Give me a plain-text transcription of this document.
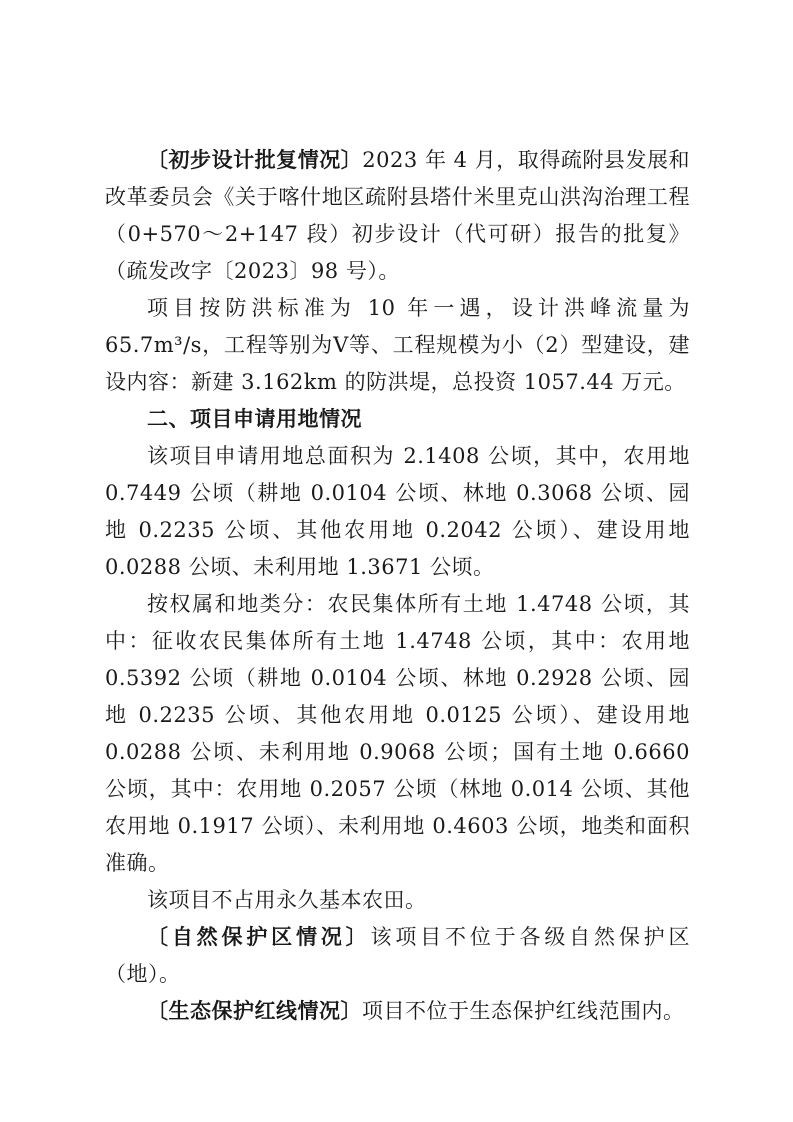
〔初步设计批复情况〕2023 年 4 月，取得疏附县发展和改革委员会《关于喀什地区疏附县塔什米里克山洪沟治理工程（0+570～2+147 段）初步设计（代可研）报告的批复》（疏发改字〔2023〕98 号）。

项目按防洪标准为 10 年一遇，设计洪峰流量为 65.7m³/s，工程等别为Ⅴ等、工程规模为小（2）型建设，建设内容：新建 3.162km 的防洪堤，总投资 1057.44 万元。

二、项目申请用地情况

该项目申请用地总面积为 2.1408 公顷，其中，农用地 0.7449 公顷（耕地 0.0104 公顷、林地 0.3068 公顷、园地 0.2235 公顷、其他农用地 0.2042 公顷）、建设用地 0.0288 公顷、未利用地 1.3671 公顷。

按权属和地类分：农民集体所有土地 1.4748 公顷，其中：征收农民集体所有土地 1.4748 公顷，其中：农用地 0.5392 公顷（耕地 0.0104 公顷、林地 0.2928 公顷、园地 0.2235 公顷、其他农用地 0.0125 公顷）、建设用地 0.0288 公顷、未利用地 0.9068 公顷；国有土地 0.6660 公顷，其中：农用地 0.2057 公顷（林地 0.014 公顷、其他农用地 0.1917 公顷）、未利用地 0.4603 公顷，地类和面积准确。

该项目不占用永久基本农田。

〔自然保护区情况〕该项目不位于各级自然保护区（地）。

〔生态保护红线情况〕项目不位于生态保护红线范围内。
